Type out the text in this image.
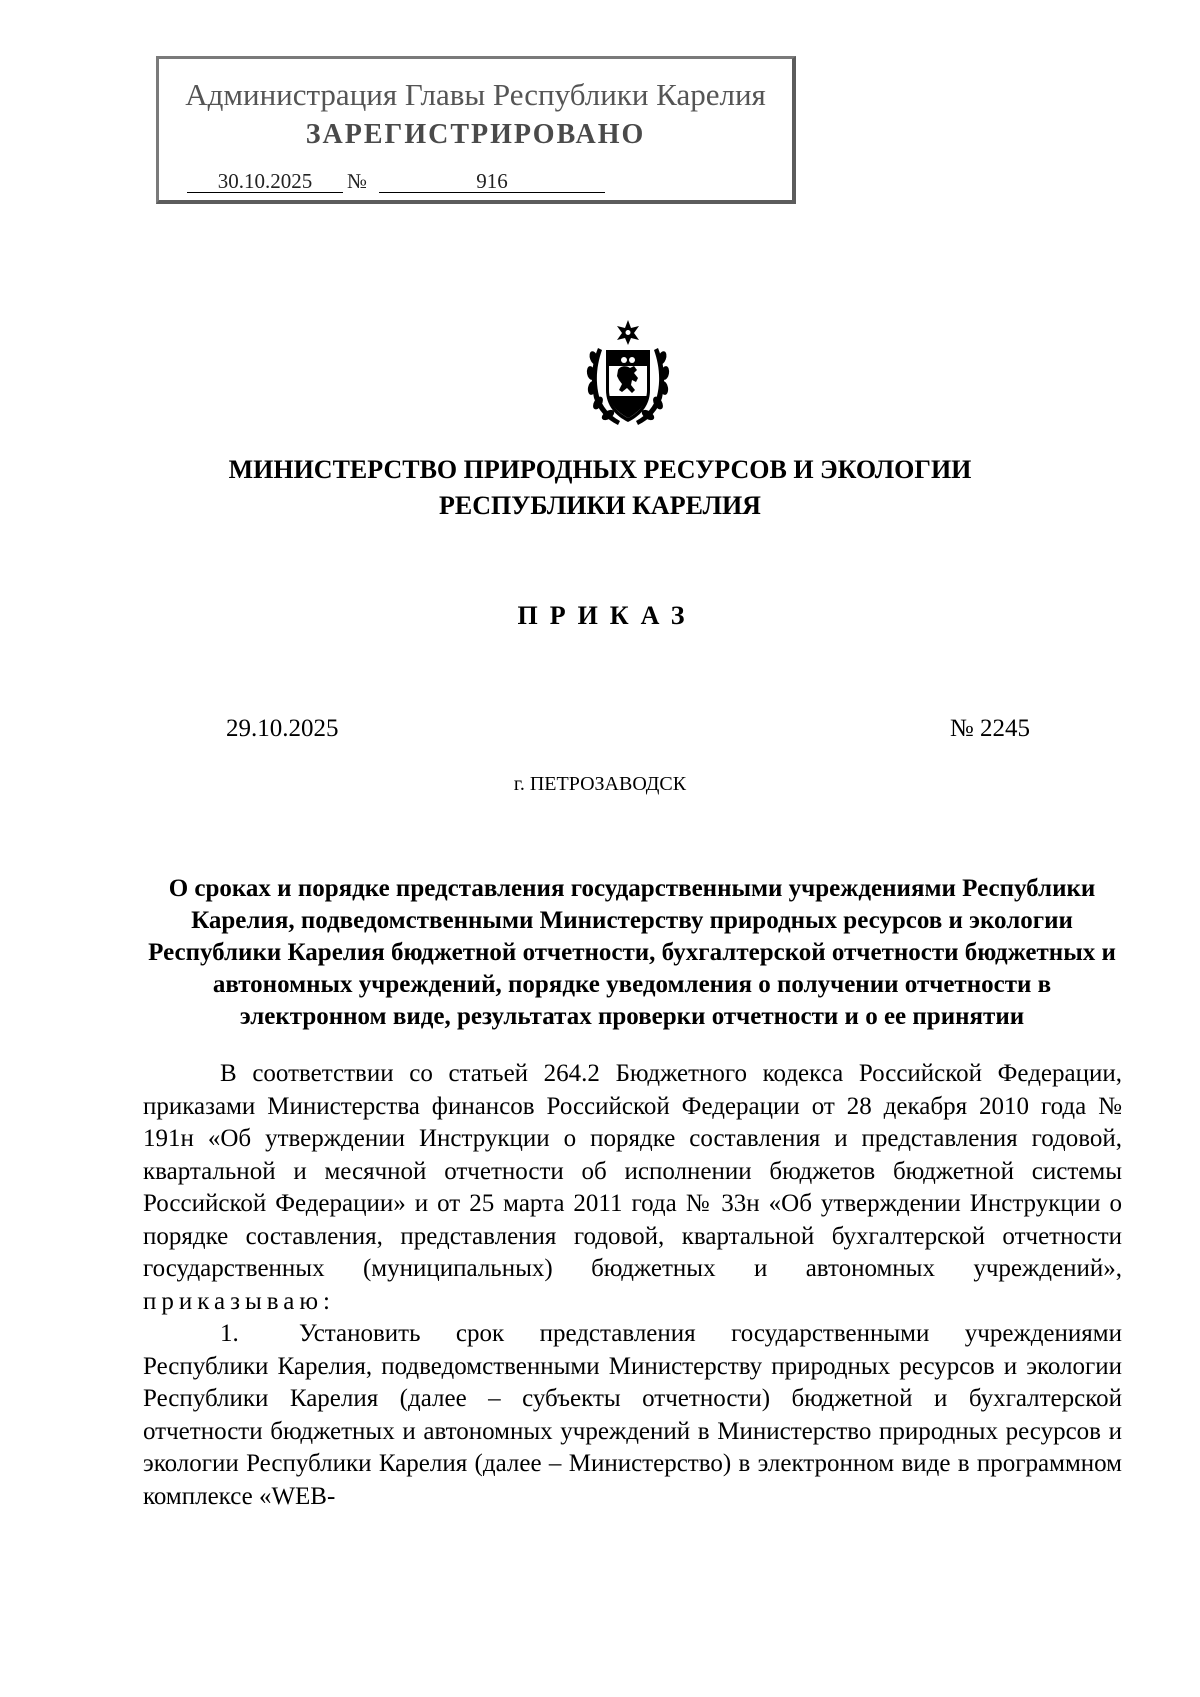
Администрация Главы Республики Карелия
ЗАРЕГИСТРИРОВАНО
30.10.2025	№	916
МИНИСТЕРСТВО ПРИРОДНЫХ РЕСУРСОВ И ЭКОЛОГИИ
РЕСПУБЛИКИ КАРЕЛИЯ
ПРИКАЗ
29.10.2025	№ 2245
г. ПЕТРОЗАВОДСК
О сроках и порядке представления государственными учреждениями Республики Карелия, подведомственными Министерству природных ресурсов и экологии Республики Карелия бюджетной отчетности, бухгалтерской отчетности бюджетных и автономных учреждений, порядке уведомления о получении отчетности в электронном виде, результатах проверки отчетности и о ее принятии

В соответствии со статьей 264.2 Бюджетного кодекса Российской Федерации, приказами Министерства финансов Российской Федерации от 28 декабря 2010 года № 191н «Об утверждении Инструкции о порядке составления и представления годовой, квартальной и месячной отчетности об исполнении бюджетов бюджетной системы Российской Федерации» и от 25 марта 2011 года № 33н «Об утверждении Инструкции о порядке составления, представления годовой, квартальной бухгалтерской отчетности государственных (муниципальных) бюджетных и автономных учреждений», приказываю:

1. Установить срок представления государственными учреждениями Республики Карелия, подведомственными Министерству природных ресурсов и экологии Республики Карелия (далее – субъекты отчетности) бюджетной и бухгалтерской отчетности бюджетных и автономных учреждений в Министерство природных ресурсов и экологии Республики Карелия (далее – Министерство) в электронном виде в программном комплексе «WEB-
